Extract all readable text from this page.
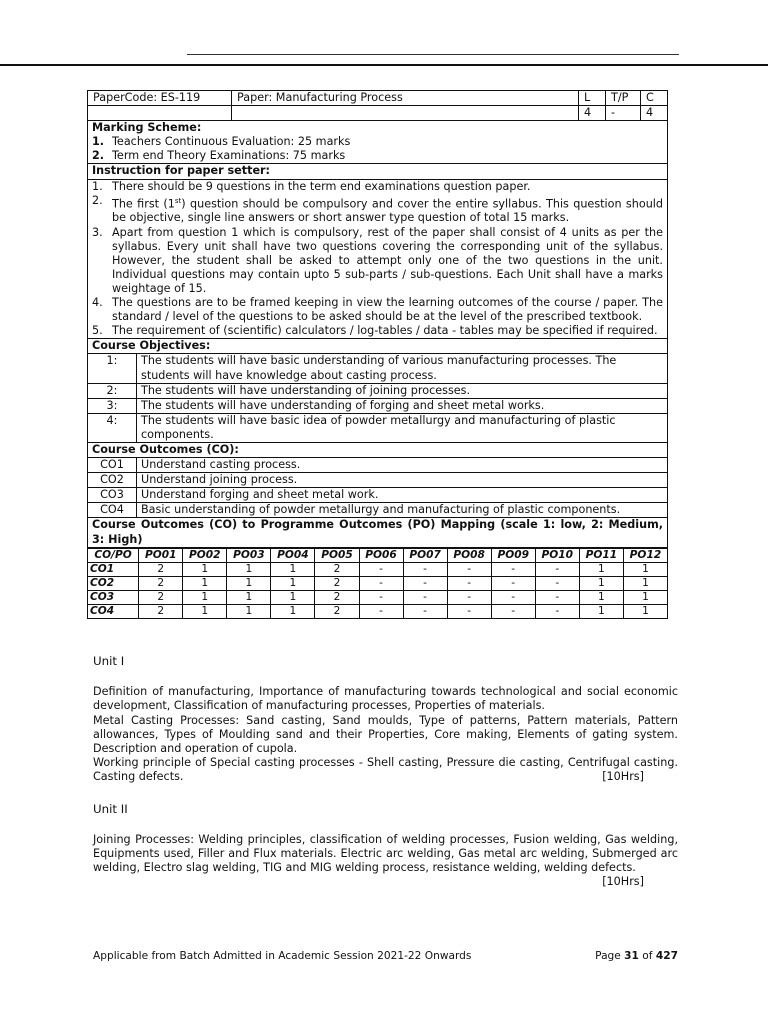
PaperCode: ES-119	Paper: Manufacturing Process	L	T/P	C
		4	-	4
Marking Scheme:
1. Teachers Continuous Evaluation: 25 marks
2. Term end Theory Examinations: 75 marks

Instruction for paper setter:

1. There should be 9 questions in the term end examinations question paper.
2. The first (1st) question should be compulsory and cover the entire syllabus. This question should be objective, single line answers or short answer type question of total 15 marks.
3. Apart from question 1 which is compulsory, rest of the paper shall consist of 4 units as per the syllabus. Every unit shall have two questions covering the corresponding unit of the syllabus. However, the student shall be asked to attempt only one of the two questions in the unit. Individual questions may contain upto 5 sub-parts / sub-questions. Each Unit shall have a marks weightage of 15.
4. The questions are to be framed keeping in view the learning outcomes of the course / paper. The standard / level of the questions to be asked should be at the level of the prescribed textbook.
5. The requirement of (scientific) calculators / log-tables / data - tables may be specified if required.

Course Objectives:
1:	The students will have basic understanding of various manufacturing processes. The students will have knowledge about casting process.
2:	The students will have understanding of joining processes.
3:	The students will have understanding of forging and sheet metal works.
4:	The students will have basic idea of powder metallurgy and manufacturing of plastic components.
Course Outcomes (CO):	
CO1	Understand casting process.
CO2	Understand joining process.
CO3	Understand forging and sheet metal work.
CO4	Basic understanding of powder metallurgy and manufacturing of plastic components.
Course Outcomes (CO) to Programme Outcomes (PO) Mapping (scale 1: low, 2: Medium, 3: High)	
CO/PO	PO01	PO02	PO03	PO04	PO05	PO06	PO07	PO08	PO09	PO10	PO11	PO12
CO1	2	1	1	1	2	-	-	-	-	-	1	1
CO2	2	1	1	1	2	-	-	-	-	-	1	1
CO3	2	1	1	1	2	-	-	-	-	-	1	1
CO4	2	1	1	1	2	-	-	-	-	-	1	1
Unit I

Definition of manufacturing, Importance of manufacturing towards technological and social economic development, Classification of manufacturing processes, Properties of materials.

Metal Casting Processes: Sand casting, Sand moulds, Type of patterns, Pattern materials, Pattern allowances, Types of Moulding sand and their Properties, Core making, Elements of gating system. Description and operation of cupola.

Working principle of Special casting processes - Shell casting, Pressure die casting, Centrifugal casting. Casting defects.	[10Hrs]

Unit II

Joining Processes: Welding principles, classification of welding processes, Fusion welding, Gas welding, Equipments used, Filler and Flux materials. Electric arc welding, Gas metal arc welding, Submerged arc welding, Electro slag welding, TIG and MIG welding process, resistance welding, welding defects.
[10Hrs]

Applicable from Batch Admitted in Academic Session 2021-22 Onwards	Page 31 of 427
